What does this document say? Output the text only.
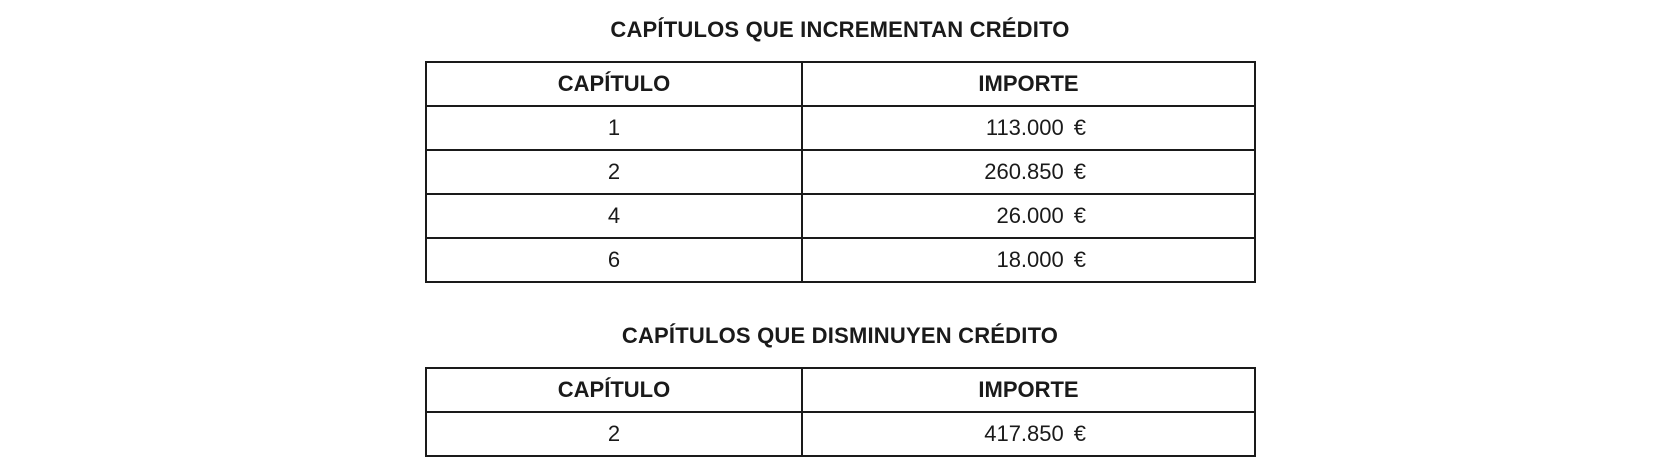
CAPÍTULOS QUE INCREMENTAN CRÉDITO
CAPÍTULO	IMPORTE
1	113.000 €
2	260.850 €
4	26.000 €
6	18.000 €
CAPÍTULOS QUE DISMINUYEN CRÉDITO
CAPÍTULO	IMPORTE
2	417.850 €
